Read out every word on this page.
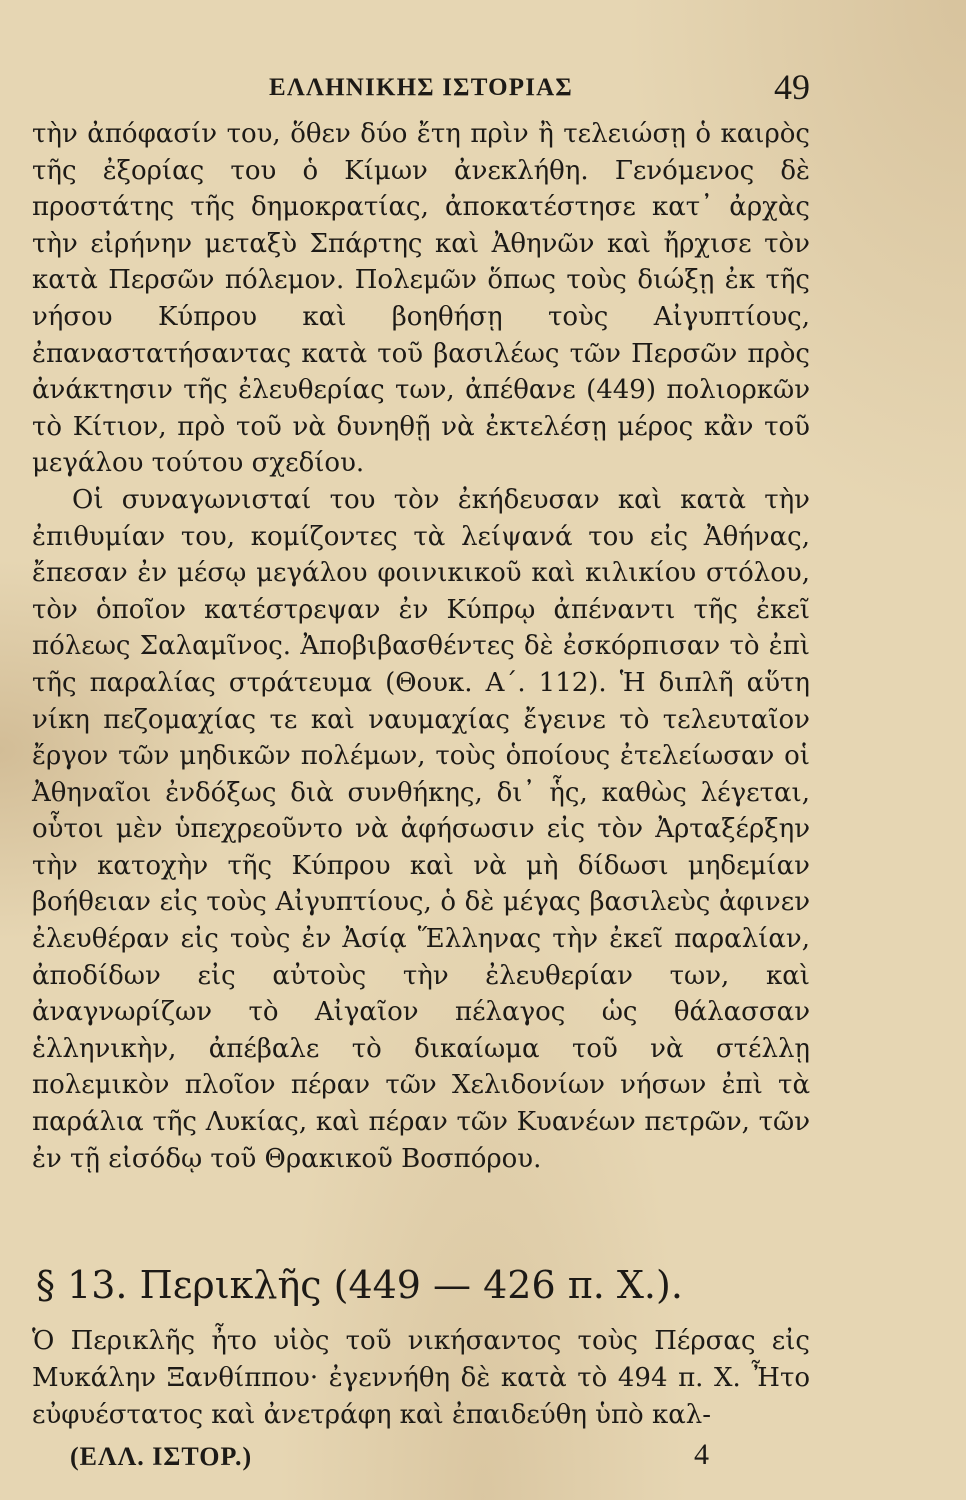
ΕΛΛΗΝΙΚΗΣ ΙΣΤΟΡΙΑΣ	49

τὴν ἀπόφασίν του, ὅθεν δύο ἔτη πρὶν ἢ τελειώσῃ ὁ καιρὸς τῆς ἐξορίας του ὁ Κίμων ἀνεκλήθη. Γενόμενος δὲ προστάτης τῆς δημοκρατίας, ἀποκατέστησε κατ᾽ ἀρχὰς τὴν εἰρήνην μεταξὺ Σπάρτης καὶ Ἀθηνῶν καὶ ἤρχισε τὸν κατὰ Περσῶν πόλεμον. Πολεμῶν ὅπως τοὺς διώξῃ ἐκ τῆς νήσου Κύπρου καὶ βοηθήσῃ τοὺς Αἰγυπτίους, ἐπαναστατήσαντας κατὰ τοῦ βασιλέως τῶν Περσῶν πρὸς ἀνάκτησιν τῆς ἐλευθερίας των, ἀπέθανε (449) πολιορκῶν τὸ Κίτιον, πρὸ τοῦ νὰ δυνηθῇ νὰ ἐκτελέσῃ μέρος κἂν τοῦ μεγάλου τούτου σχεδίου.

Οἱ συναγωνισταί του τὸν ἐκήδευσαν καὶ κατὰ τὴν ἐπιθυμίαν του, κομίζοντες τὰ λείψανά του εἰς Ἀθήνας, ἔπεσαν ἐν μέσῳ μεγάλου φοινικικοῦ καὶ κιλικίου στόλου, τὸν ὁποῖον κατέστρεψαν ἐν Κύπρῳ ἀπέναντι τῆς ἐκεῖ πόλεως Σαλαμῖνος. Ἀποβιβασθέντες δὲ ἐσκόρπισαν τὸ ἐπὶ τῆς παραλίας στράτευμα (Θουκ. Α΄. 112). Ἡ διπλῆ αὕτη νίκη πεζομαχίας τε καὶ ναυμαχίας ἔγεινε τὸ τελευταῖον ἔργον τῶν μηδικῶν πολέμων, τοὺς ὁποίους ἐτελείωσαν οἱ Ἀθηναῖοι ἐνδόξως διὰ συνθήκης, δι᾽ ἧς, καθὼς λέγεται, οὗτοι μὲν ὑπεχρεοῦντο νὰ ἀφήσωσιν εἰς τὸν Ἀρταξέρξην τὴν κατοχὴν τῆς Κύπρου καὶ νὰ μὴ δίδωσι μηδεμίαν βοήθειαν εἰς τοὺς Αἰγυπτίους, ὁ δὲ μέγας βασιλεὺς ἀφινεν ἐλευθέραν εἰς τοὺς ἐν Ἀσίᾳ Ἕλληνας τὴν ἐκεῖ παραλίαν, ἀποδίδων εἰς αὐτοὺς τὴν ἐλευθερίαν των, καὶ ἀναγνωρίζων τὸ Αἰγαῖον πέλαγος ὡς θάλασσαν ἑλληνικὴν, ἀπέβαλε τὸ δικαίωμα τοῦ νὰ στέλλῃ πολεμικὸν πλοῖον πέραν τῶν Χελιδονίων νήσων ἐπὶ τὰ παράλια τῆς Λυκίας, καὶ πέραν τῶν Κυανέων πετρῶν, τῶν ἐν τῇ εἰσόδῳ τοῦ Θρακικοῦ Βοσπόρου.

§ 13. Περικλῆς (449 — 426 π. Χ.).

Ὁ Περικλῆς ἦτο υἱὸς τοῦ νικήσαντος τοὺς Πέρσας εἰς Μυκάλην Ξανθίππου· ἐγεννήθη δὲ κατὰ τὸ 494 π. Χ. Ἦτο εὐφυέστατος καὶ ἀνετράφη καὶ ἐπαιδεύθη ὑπὸ καλ-

(ΕΛΛ. ΙΣΤΟΡ.)	4
